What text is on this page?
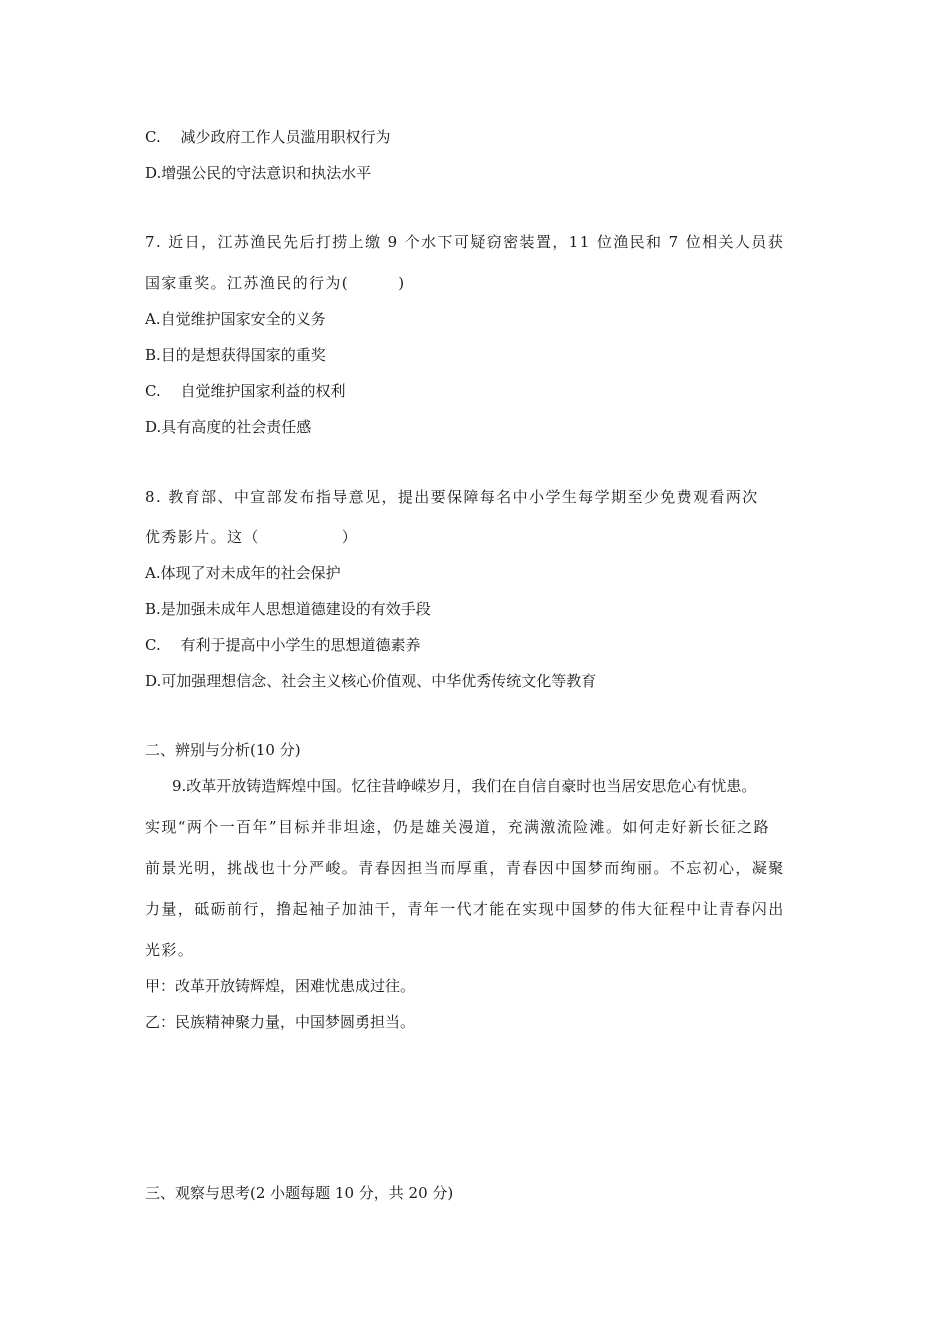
C.　 减少政府工作人员滥用职权行为
D.增强公民的守法意识和执法水平
7. 近日，江苏渔民先后打捞上缴 9 个水下可疑窃密装置，11 位渔民和 7 位相关人员获
国家重奖。江苏渔民的行为(　　　)
A.自觉维护国家安全的义务
B.目的是想获得国家的重奖
C.　 自觉维护国家利益的权利
D.具有高度的社会责任感
8. 教育部、中宣部发布指导意见，提出要保障每名中小学生每学期至少免费观看两次
优秀影片。这（　　　　　）
A.体现了对未成年的社会保护
B.是加强未成年人思想道德建设的有效手段
C.　 有利于提高中小学生的思想道德素养
D.可加强理想信念、社会主义核心价值观、中华优秀传统文化等教育
二、辨别与分析(10 分)
9.改革开放铸造辉煌中国。忆往昔峥嵘岁月，我们在自信自豪时也当居安思危心有忧患。
实现“两个一百年”目标并非坦途，仍是雄关漫道，充满激流险滩。如何走好新长征之路
前景光明，挑战也十分严峻。青春因担当而厚重，青春因中国梦而绚丽。不忘初心，凝聚
力量，砥砺前行，撸起袖子加油干，青年一代才能在实现中国梦的伟大征程中让青春闪出
光彩。
甲：改革开放铸辉煌，困难忧患成过往。
乙：民族精神聚力量，中国梦圆勇担当。
三、观察与思考(2 小题每题 10 分，共 20 分)
